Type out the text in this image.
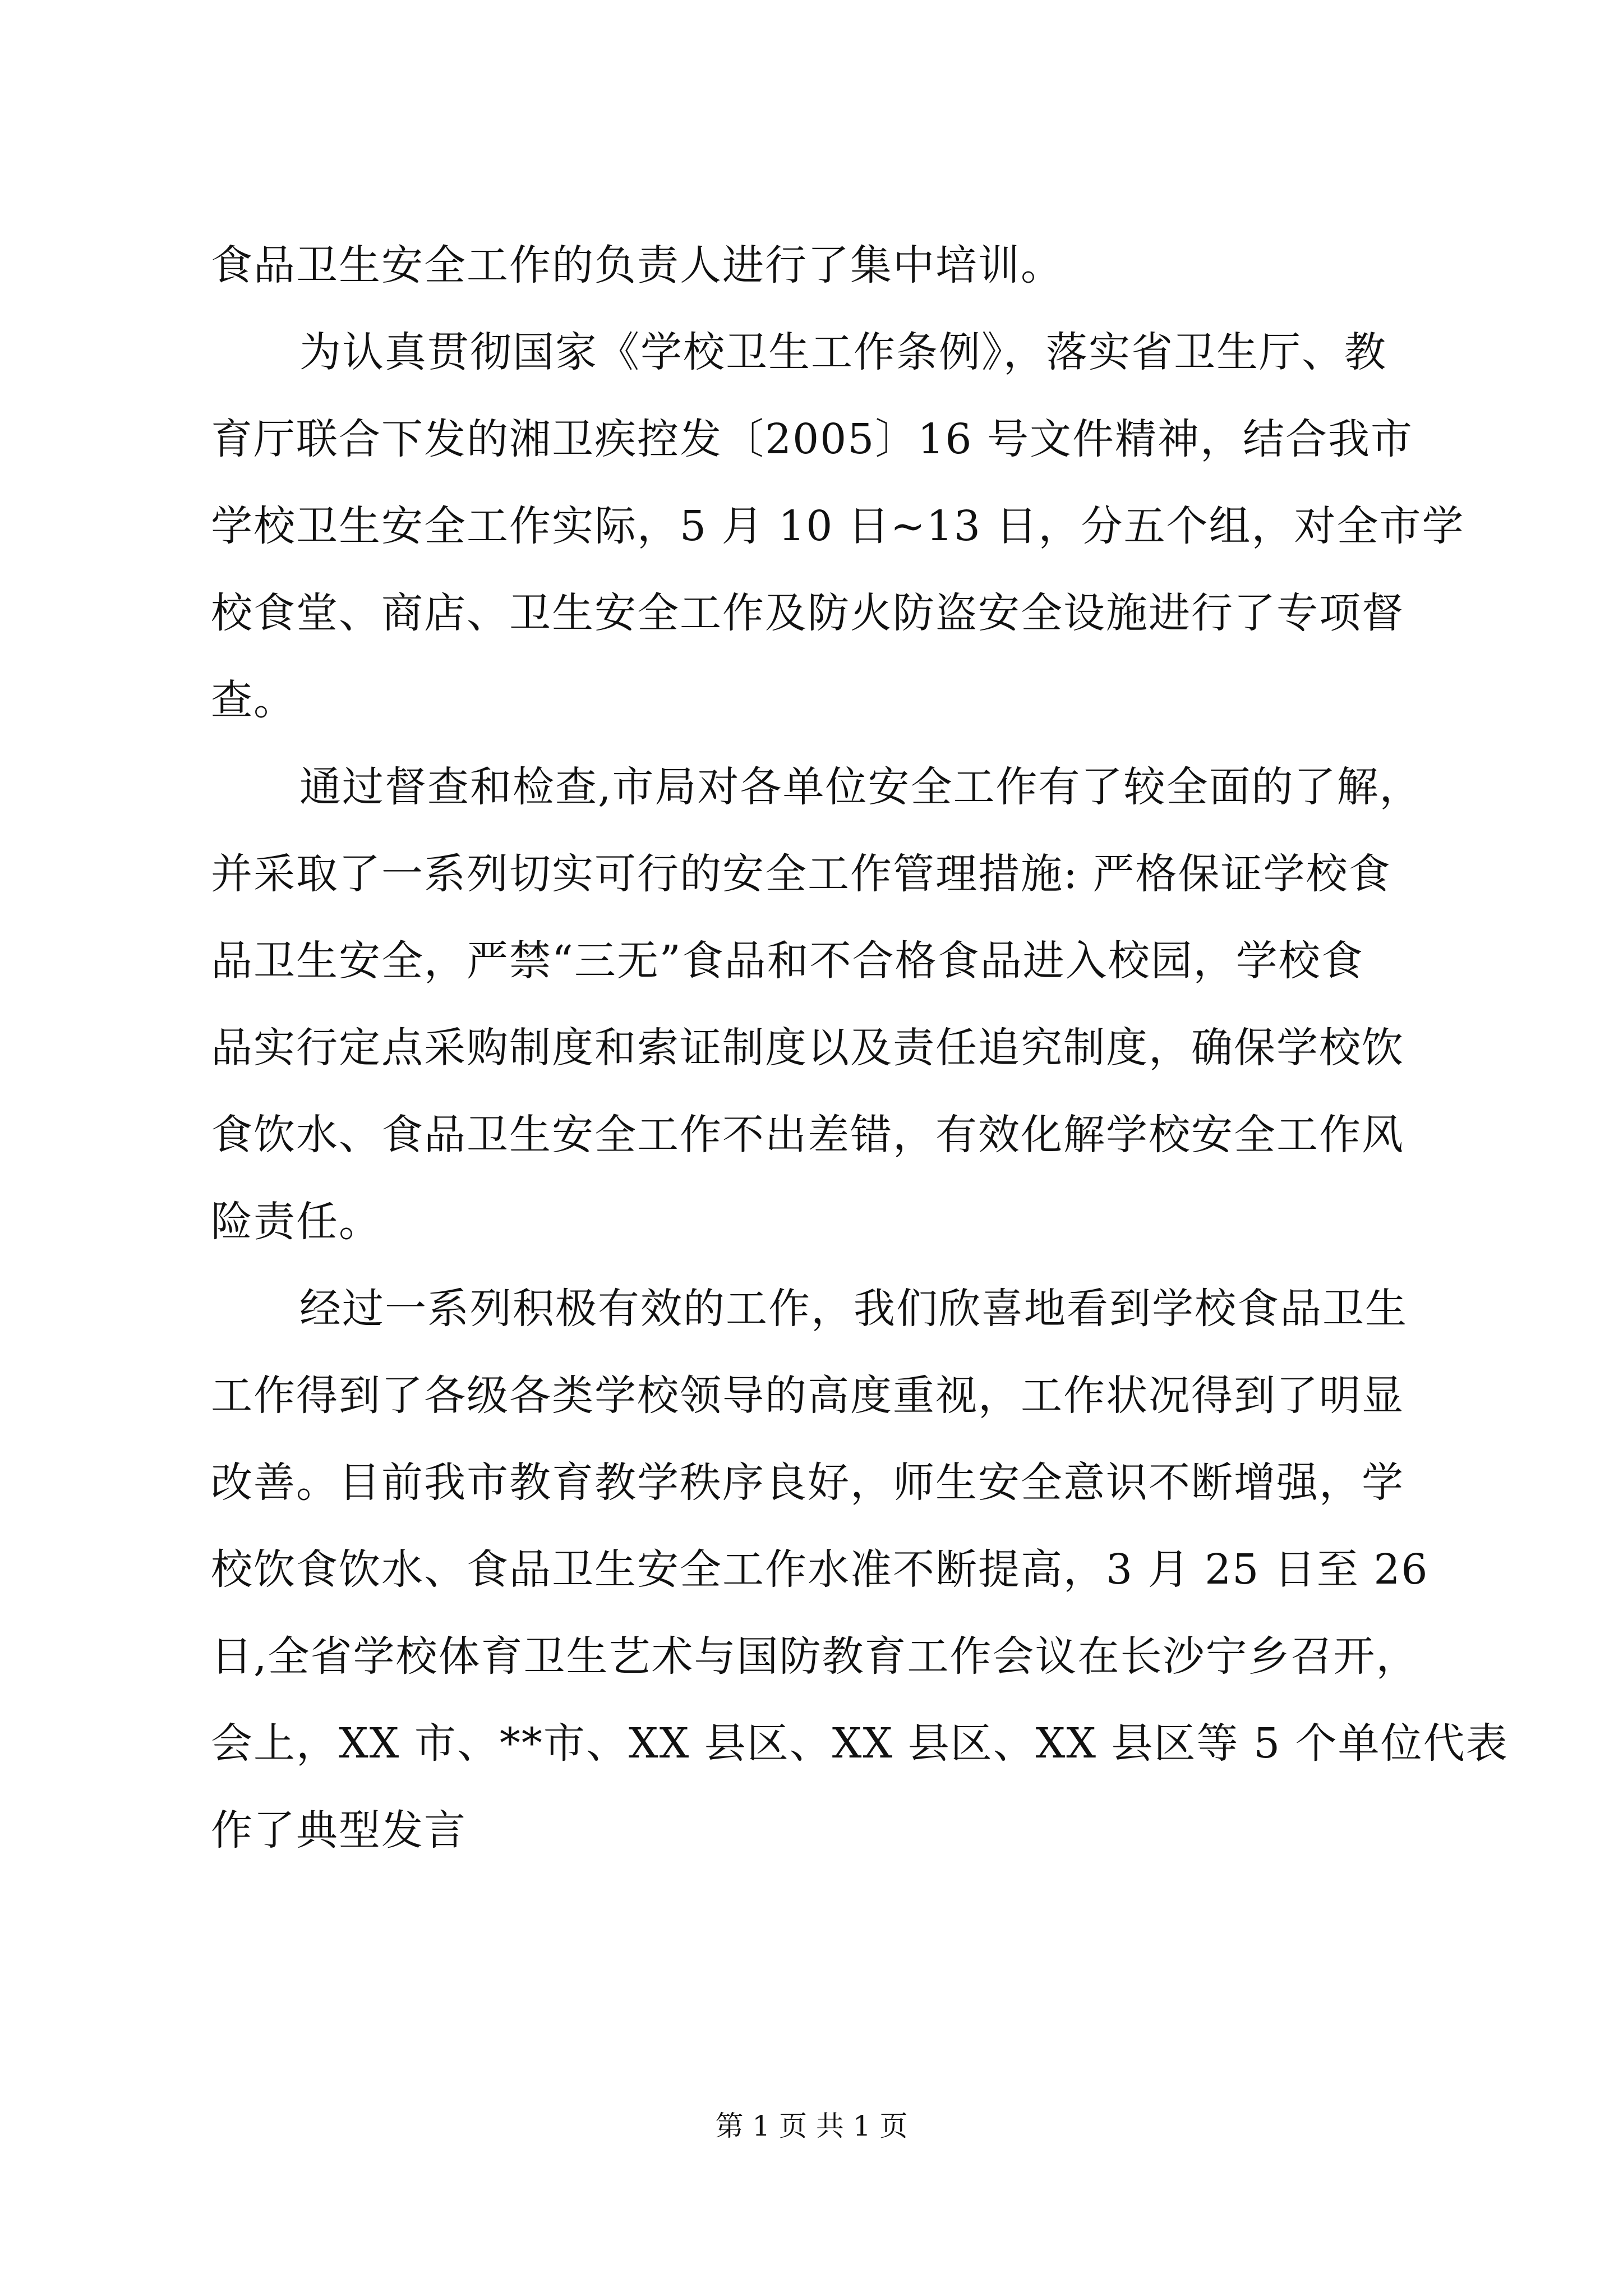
食品卫生安全工作的负责人进行了集中培训。
为认真贯彻国家《学校卫生工作条例》，落实省卫生厅、教
育厅联合下发的湘卫疾控发〔2005〕16 号文件精神，结合我市
学校卫生安全工作实际，5 月 10 日~13 日，分五个组，对全市学
校食堂、商店、卫生安全工作及防火防盗安全设施进行了专项督
查。
通过督查和检查,市局对各单位安全工作有了较全面的了解，
并采取了一系列切实可行的安全工作管理措施: 严格保证学校食
品卫生安全，严禁“三无”食品和不合格食品进入校园，学校食
品实行定点采购制度和索证制度以及责任追究制度，确保学校饮
食饮水、食品卫生安全工作不出差错，有效化解学校安全工作风
险责任。
经过一系列积极有效的工作，我们欣喜地看到学校食品卫生
工作得到了各级各类学校领导的高度重视，工作状况得到了明显
改善。目前我市教育教学秩序良好，师生安全意识不断增强，学
校饮食饮水、食品卫生安全工作水准不断提高，3 月 25 日至 26
日,全省学校体育卫生艺术与国防教育工作会议在长沙宁乡召开，
会上，XX 市、**市、XX 县区、XX 县区、XX 县区等 5 个单位代表
作了典型发言
第 1 页 共 1 页
